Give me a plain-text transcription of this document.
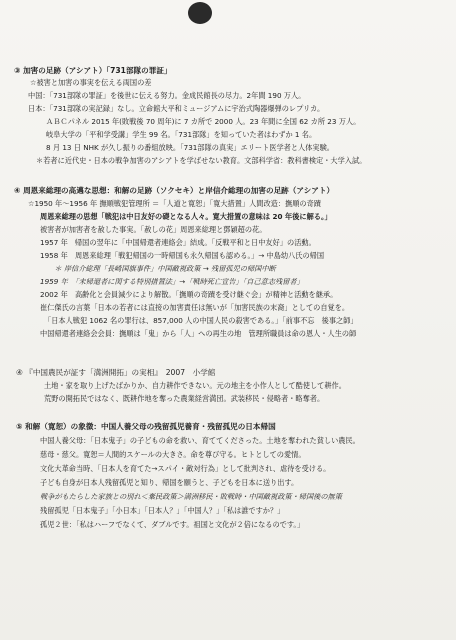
③ 加害の足跡（アシアト）「731部隊の罪証」
☆被害と加害の事実を伝える両国の差
中国：「731部隊の罪証」を後世に伝える努力。金成民館長の尽力。2年間 190 万人。
日本：「731部隊の実記録」なし。立命館大平和ミュージアムに宇治式陶器爆弾のレプリカ。
ＡＢＣパネル 2015 年(敗戦後 70 周年)に 7 カ所で 2000 人。23 年間に全国 62 カ所 23 万人。
岐阜大学の「平和学受講」学生 99 名。「731部隊」を知っていた者はわずか 1 名。
8 月 13 日 NHK が久し振りの番組放映。「731部隊の真実」エリート医学者と人体実験。
＊若者に近代史・日本の戦争加害のアシアトを学ばせない教育。文部科学省：教科書検定・大学入試。
④ 周恩来総理の高邁な思想：和解の足跡（ソクセキ）と岸信介総理の加害の足跡（アシアト）
☆1950 年〜1956 年 撫順戦犯管理所 ＝「人道と寛恕」「寛大措置」人間改造：撫順の奇蹟
周恩来総理の思想「戦犯は中日友好の礎となる人々。寛大措置の意味は 20 年後に解る。」
被害者が加害者を赦した事実。「赦しの花」周恩来総理と鄧穎超の花。
1957 年　帰国の翌年に「中国帰還者連絡会」結成。「反戦平和と日中友好」の活動。
1958 年　周恩来総理「戦犯帰国の一時帰国も永久帰国も認める。」→ 中島幼八氏の帰国
　　＊ 岸信介総理「長崎国旗事件」中国敵視政策 → 残留孤児の帰国中断
1959 年　「未帰還者に関する特別措置法」→「戦時死亡宣告」「自己意志残留者」
2002 年　高齢化と会員減少により解散。「撫順の奇蹟を受け継ぐ会」が精神と活動を継承。
崔仁傑氏の言葉「日本の若者には直接の加害責任は無いが「加害民族の末裔」としての自覚を。
「日本人戦犯 1062 名の罪行は、857,000 人の中国人民の殺害である。」「前事不忘　後事之師」
中国帰還者連絡会会員：撫順は「鬼」から「人」への再生の地　管理所職員は命の恩人・人生の師
④ 『中国農民が証す「満洲開拓」の実相』　2007　小学館
土地・家を取り上げたばかりか、自力耕作できない。元の地主を小作人として酷使して耕作。
荒野の開拓民ではなく、既耕作地を奪った農業経営満団。武装移民・侵略者・略奪者。
⑤ 和解（寛恕）の象徴：中国人養父母の残留孤児養育・残留孤児の日本帰国
中国人養父母：「日本鬼子」の子どもの命を救い、育ててくださった。土地を奪われた貧しい農民。
慈母・慈父。寛恕＝人間的スケールの大きさ。命を尊び守る。ヒトとしての愛情。
文化大革命当時、「日本人を育てた→スパイ・敵対行為」として批判され、虐待を受ける。
子ども自身が日本人残留孤児と知り、帰国を願うと、子どもを日本に送り出す。
戦争がもたらした家族との別れ＜棄民政策＞満洲移民・敗戦時・中国敵視政策・帰国後の無策
残留孤児「日本鬼子」「小日本」「日本人？」「中国人？」「私は誰ですか？」
孤児２世：「私はハーフでなくて、ダブルです。祖国と文化が２倍になるのです。」
